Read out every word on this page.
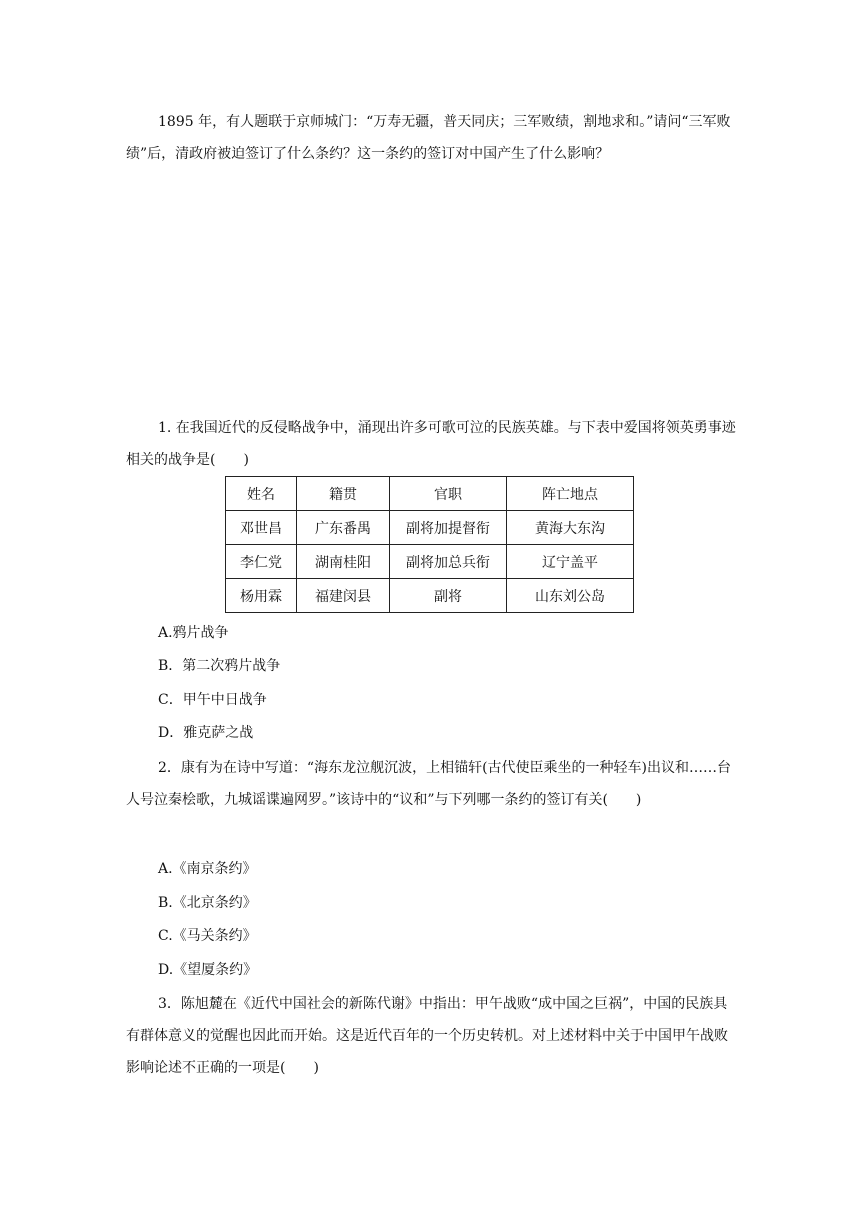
1895 年，有人题联于京师城门：“万寿无疆，普天同庆；三军败绩，割地求和。”请问“三军败绩”后，清政府被迫签订了什么条约？这一条约的签订对中国产生了什么影响？

1. 在我国近代的反侵略战争中，涌现出许多可歌可泣的民族英雄。与下表中爱国将领英勇事迹相关的战争是(　　)

姓名	籍贯	官职	阵亡地点
邓世昌	广东番禺	副将加提督衔	黄海大东沟
李仁党	湖南桂阳	副将加总兵衔	辽宁盖平
杨用霖	福建闵县	副将	山东刘公岛

A.鸦片战争

B．第二次鸦片战争

C．甲午中日战争

D．雅克萨之战

2．康有为在诗中写道：“海东龙泣舰沉波，上相锚轩(古代使臣乘坐的一种轻车)出议和……台人号泣秦桧歌，九城谣谍遍网罗。”该诗中的“议和”与下列哪一条约的签订有关(　　)

A.《南京条约》

B.《北京条约》

C.《马关条约》

D.《望厦条约》

3．陈旭麓在《近代中国社会的新陈代谢》中指出：甲午战败“成中国之巨祸”，中国的民族具有群体意义的觉醒也因此而开始。这是近代百年的一个历史转机。对上述材料中关于中国甲午战败影响论述不正确的一项是(　　)
